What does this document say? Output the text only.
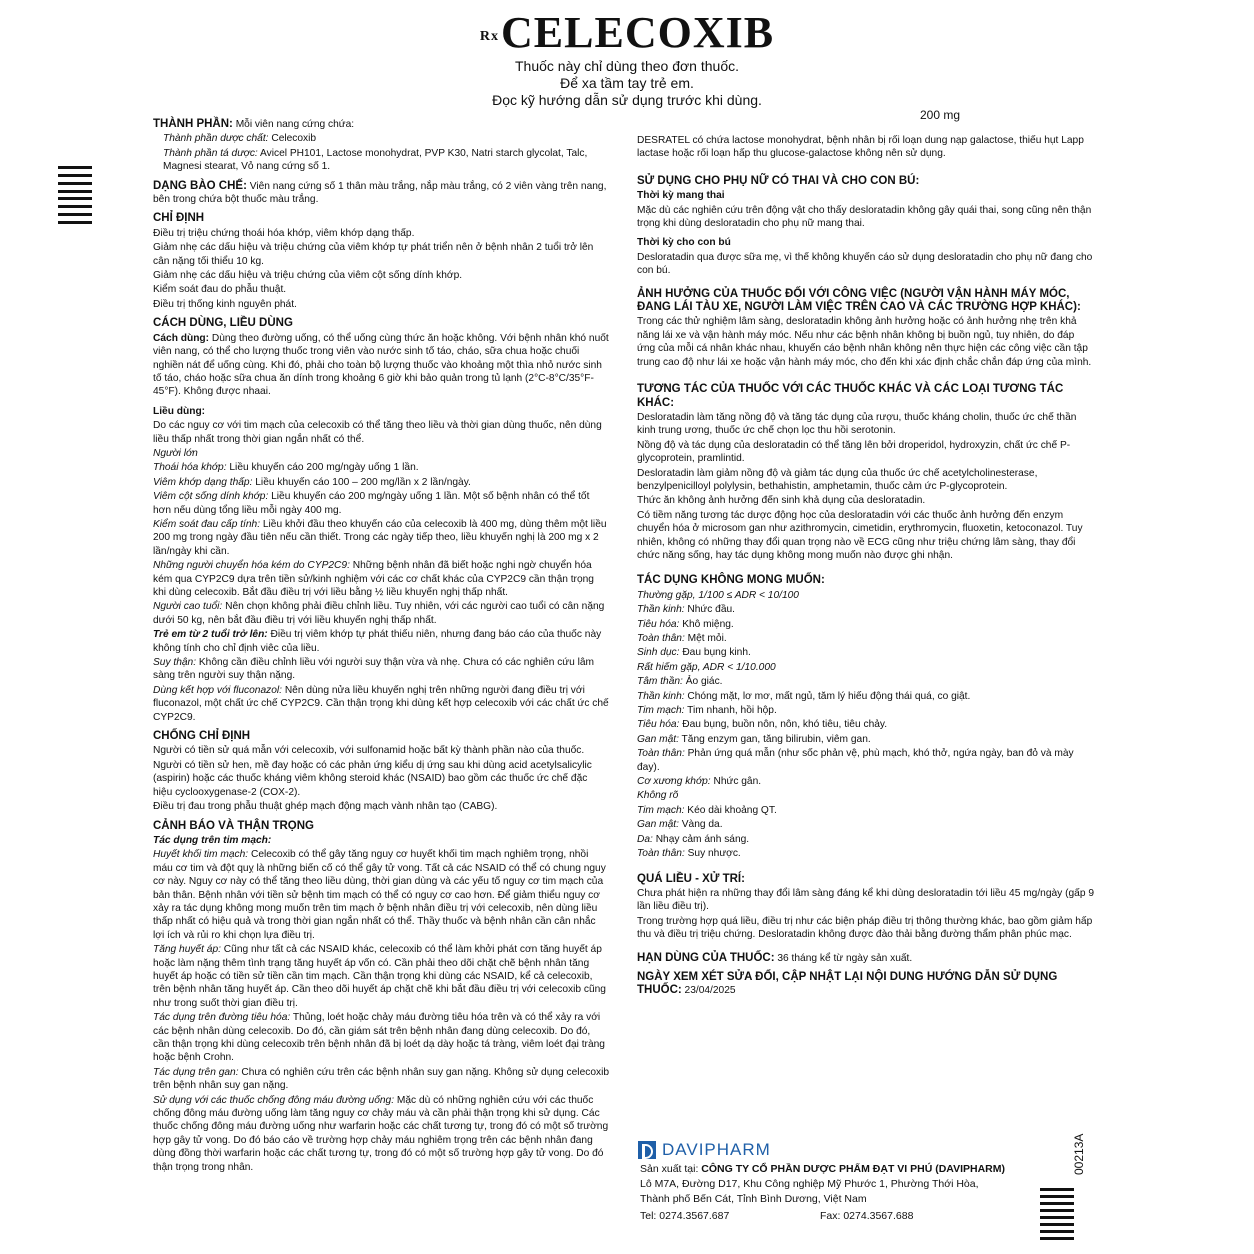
$^{Rx}$CELECOXIB
Thuốc này chỉ dùng theo đơn thuốc.
Để xa tầm tay trẻ em.
Đọc kỹ hướng dẫn sử dụng trước khi dùng.
200 mg
00213A

THÀNH PHẦN: Mỗi viên nang cứng chứa:

Thành phần dược chất: Celecoxib

Thành phần tá dược: Avicel PH101, Lactose monohydrat, PVP K30, Natri starch glycolat, Talc, Magnesi stearat, Vỏ nang cứng số 1.

DẠNG BÀO CHẾ: Viên nang cứng số 1 thân màu trắng, nắp màu trắng, có 2 viên vàng trên nang, bên trong chứa bột thuốc màu trắng.

CHỈ ĐỊNH

Điều trị triệu chứng thoái hóa khớp, viêm khớp dạng thấp.

Giảm nhẹ các dấu hiệu và triệu chứng của viêm khớp tự phát triển nên ở bệnh nhân 2 tuổi trở lên cân nặng tối thiểu 10 kg.

Giảm nhẹ các dấu hiệu và triệu chứng của viêm cột sống dính khớp.

Kiểm soát đau do phẫu thuật.

Điều trị thống kinh nguyên phát.

CÁCH DÙNG, LIỀU DÙNG

Cách dùng: Dùng theo đường uống, có thể uống cùng thức ăn hoặc không. Với bệnh nhân khó nuốt viên nang, có thể cho lượng thuốc trong viên vào nước sinh tố táo, cháo, sữa chua hoặc chuối nghiền nát để uống cùng. Khi đó, phải cho toàn bộ lượng thuốc vào khoảng một thìa nhỏ nước sinh tố táo, cháo hoặc sữa chua ăn dính trong khoảng 6 giờ khi bảo quản trong tủ lạnh (2°C-8°C/35°F-45°F). Không được nhaai.

Liều dùng:

Do các nguy cơ với tim mạch của celecoxib có thể tăng theo liều và thời gian dùng thuốc, nên dùng liều thấp nhất trong thời gian ngắn nhất có thể.

Người lớn

Thoái hóa khớp: Liều khuyến cáo 200 mg/ngày uống 1 lần.

Viêm khớp dạng thấp: Liều khuyến cáo 100 – 200 mg/lần x 2 lần/ngày.

Viêm cột sống dính khớp: Liều khuyến cáo 200 mg/ngày uống 1 lần. Một số bệnh nhân có thể tốt hơn nếu dùng tổng liều mỗi ngày 400 mg.

Kiểm soát đau cấp tính: Liều khởi đầu theo khuyến cáo của celecoxib là 400 mg, dùng thêm một liều 200 mg trong ngày đầu tiên nếu cần thiết. Trong các ngày tiếp theo, liều khuyến nghị là 200 mg x 2 lần/ngày khi cần.

Những người chuyển hóa kém do CYP2C9: Những bệnh nhân đã biết hoặc nghi ngờ chuyển hóa kém qua CYP2C9 dựa trên tiền sử/kinh nghiệm với các cơ chất khác của CYP2C9 cần thận trọng khi dùng celecoxib. Bắt đầu điều trị với liều bằng ½ liều khuyến nghị thấp nhất.

Người cao tuổi: Nên chọn không phải điều chỉnh liều. Tuy nhiên, với các người cao tuổi có cân nặng dưới 50 kg, nên bắt đầu điều trị với liều khuyến nghị thấp nhất.

Trẻ em từ 2 tuổi trở lên: Điều trị viêm khớp tự phát thiếu niên, nhưng đang báo cáo của thuốc này không tính cho chỉ định viêc của liều.

Suy thận: Không cần điều chỉnh liều với người suy thận vừa và nhẹ. Chưa có các nghiên cứu lâm sàng trên người suy thận nặng.

Dùng kết hợp với fluconazol: Nên dùng nửa liều khuyến nghị trên những người đang điều trị với fluconazol, một chất ức chế CYP2C9. Cần thận trọng khi dùng kết hợp celecoxib với các chất ức chế CYP2C9.

CHỐNG CHỈ ĐỊNH

Người có tiền sử quá mẫn với celecoxib, với sulfonamid hoặc bất kỳ thành phần nào của thuốc.

Người có tiền sử hen, mề đay hoặc có các phản ứng kiểu dị ứng sau khi dùng acid acetylsalicylic (aspirin) hoặc các thuốc kháng viêm không steroid khác (NSAID) bao gồm các thuốc ức chế đặc hiệu cyclooxygenase-2 (COX-2).

Điều trị đau trong phẫu thuật ghép mạch động mạch vành nhân tạo (CABG).

CẢNH BÁO VÀ THẬN TRỌNG

Tác dụng trên tim mạch:

Huyết khối tim mạch: Celecoxib có thể gây tăng nguy cơ huyết khối tim mạch nghiêm trọng, nhồi máu cơ tim và đột quỵ là những biến cố có thể gây tử vong. Tất cả các NSAID có thể có chung nguy cơ này. Nguy cơ này có thể tăng theo liều dùng, thời gian dùng và các yếu tố nguy cơ tim mạch của bản thân. Bệnh nhân với tiền sử bệnh tim mạch có thể có nguy cơ cao hơn. Để giảm thiểu nguy cơ xảy ra tác dụng không mong muốn trên tim mạch ở bệnh nhân điều trị với celecoxib, nên dùng liều thấp nhất có hiệu quả và trong thời gian ngắn nhất có thể. Thầy thuốc và bệnh nhân cần cân nhắc lợi ích và rủi ro khi chọn lựa điều trị.

Tăng huyết áp: Cũng như tất cả các NSAID khác, celecoxib có thể làm khởi phát cơn tăng huyết áp hoặc làm nặng thêm tình trạng tăng huyết áp vốn có. Cần phải theo dõi chặt chẽ bệnh nhân tăng huyết áp hoặc có tiền sử tiền cần tim mạch. Cần thận trọng khi dùng các NSAID, kể cả celecoxib, trên bệnh nhân tăng huyết áp. Cần theo dõi huyết áp chặt chẽ khi bắt đầu điều trị với celecoxib cũng như trong suốt thời gian điều trị.

Tác dụng trên đường tiêu hóa: Thủng, loét hoặc chảy máu đường tiêu hóa trên và có thể xảy ra với các bệnh nhân dùng celecoxib. Do đó, cần giám sát trên bệnh nhân đang dùng celecoxib. Do đó, cần thận trọng khi dùng celecoxib trên bệnh nhân đã bị loét dạ dày hoặc tá tràng, viêm loét đại tràng hoặc bệnh Crohn.

Tác dụng trên gan: Chưa có nghiên cứu trên các bệnh nhân suy gan nặng. Không sử dụng celecoxib trên bệnh nhân suy gan nặng.

Sử dụng với các thuốc chống đông máu đường uống: Mặc dù có những nghiên cứu với các thuốc chống đông máu đường uống làm tăng nguy cơ chảy máu và cần phải thận trọng khi sử dụng. Các thuốc chống đông máu đường uống như warfarin hoặc các chất tương tự, trong đó có một số trường hợp gây tử vong. Do đó báo cáo về trường hợp chảy máu nghiêm trọng trên các bệnh nhân đang dùng đồng thời warfarin hoặc các chất tương tự, trong đó có một số trường hợp gây tử vong. Do đó thận trọng trong nhân.

DESRATEL có chứa lactose monohydrat, bệnh nhân bị rối loạn dung nạp galactose, thiếu hụt Lapp lactase hoặc rối loạn hấp thu glucose-galactose không nên sử dụng.

SỬ DỤNG CHO PHỤ NỮ CÓ THAI VÀ CHO CON BÚ:

Thời kỳ mang thai

Mặc dù các nghiên cứu trên động vật cho thấy desloratadin không gây quái thai, song cũng nên thận trọng khi dùng desloratadin cho phụ nữ mang thai.

Thời kỳ cho con bú

Desloratadin qua được sữa mẹ, vì thế không khuyến cáo sử dụng desloratadin cho phụ nữ đang cho con bú.

ẢNH HƯỞNG CỦA THUỐC ĐỐI VỚI CÔNG VIỆC (NGƯỜI VẬN HÀNH MÁY MÓC, ĐANG LÁI TÀU XE, NGƯỜI LÀM VIỆC TRÊN CAO VÀ CÁC TRƯỜNG HỢP KHÁC):

Trong các thử nghiệm lâm sàng, desloratadin không ảnh hưởng hoặc có ảnh hưởng nhẹ trên khả năng lái xe và vận hành máy móc. Nếu như các bệnh nhân không bị buồn ngủ, tuy nhiên, do đáp ứng của mỗi cá nhân khác nhau, khuyến cáo bệnh nhân không nên thực hiện các công việc cần tập trung cao độ như lái xe hoặc vận hành máy móc, cho đến khi xác định chắc chắn đáp ứng của mình.

TƯƠNG TÁC CỦA THUỐC VỚI CÁC THUỐC KHÁC VÀ CÁC LOẠI TƯƠNG TÁC KHÁC:

Desloratadin làm tăng nồng độ và tăng tác dụng của rượu, thuốc kháng cholin, thuốc ức chế thần kinh trung ương, thuốc ức chế chọn lọc thu hồi serotonin.

Nồng độ và tác dụng của desloratadin có thể tăng lên bởi droperidol, hydroxyzin, chất ức chế P-glycoprotein, pramlintid.

Desloratadin làm giảm nồng độ và giảm tác dụng của thuốc ức chế acetylcholinesterase, benzylpenicilloyl polylysin, bethahistin, amphetamin, thuốc cảm ức P-glycoprotein.

Thức ăn không ảnh hưởng đến sinh khả dụng của desloratadin.

Có tiềm năng tương tác dược động học của desloratadin với các thuốc ảnh hưởng đến enzym chuyển hóa ở microsom gan như azithromycin, cimetidin, erythromycin, fluoxetin, ketoconazol. Tuy nhiên, không có những thay đổi quan trọng nào về ECG cũng như triệu chứng lâm sàng, thay đổi chức năng sống, hay tác dụng không mong muốn nào được ghi nhận.

TÁC DỤNG KHÔNG MONG MUỐN:

Thường gặp, 1/100 ≤ ADR < 10/100

Thần kinh: Nhức đầu.

Tiêu hóa: Khô miệng.

Toàn thân: Mệt mỏi.

Sinh dục: Đau bụng kinh.

Rất hiếm gặp, ADR < 1/10.000

Tâm thần: Ảo giác.

Thần kinh: Chóng mặt, lơ mơ, mất ngủ, tăm lý hiếu động thái quá, co giật.

Tim mạch: Tim nhanh, hồi hộp.

Tiêu hóa: Đau bụng, buồn nôn, nôn, khó tiêu, tiêu chảy.

Gan mật: Tăng enzym gan, tăng bilirubin, viêm gan.

Toàn thân: Phản ứng quá mẫn (như sốc phản vệ, phù mạch, khó thở, ngứa ngày, ban đỏ và mày đay).

Cơ xương khớp: Nhức gân.

Không rõ

Tim mạch: Kéo dài khoảng QT.

Gan mật: Vàng da.

Da: Nhạy cảm ánh sáng.

Toàn thân: Suy nhược.

QUÁ LIỀU - XỬ TRÍ:

Chưa phát hiện ra những thay đổi lâm sàng đáng kể khi dùng desloratadin tới liều 45 mg/ngày (gấp 9 lần liều điều trị).

Trong trường hợp quá liều, điều trị như các biện pháp điều trị thông thường khác, bao gồm giảm hấp thu và điều trị triệu chứng. Desloratadin không được đào thải bằng đường thẩm phân phúc mạc.

HẠN DÙNG CỦA THUỐC: 36 tháng kể từ ngày sản xuất.

NGÀY XEM XÉT SỬA ĐỔI, CẬP NHẬT LẠI NỘI DUNG HƯỚNG DẪN SỬ DỤNG THUỐC: 23/04/2025

DAVIPHARM
Sản xuất tại: CÔNG TY CỔ PHẦN DƯỢC PHẨM ĐẠT VI PHÚ (DAVIPHARM)
Lô M7A, Đường D17, Khu Công nghiệp Mỹ Phước 1, Phường Thới Hòa,
Thành phố Bến Cát, Tỉnh Bình Dương, Việt Nam
Tel: 0274.3567.687	Fax: 0274.3567.688
